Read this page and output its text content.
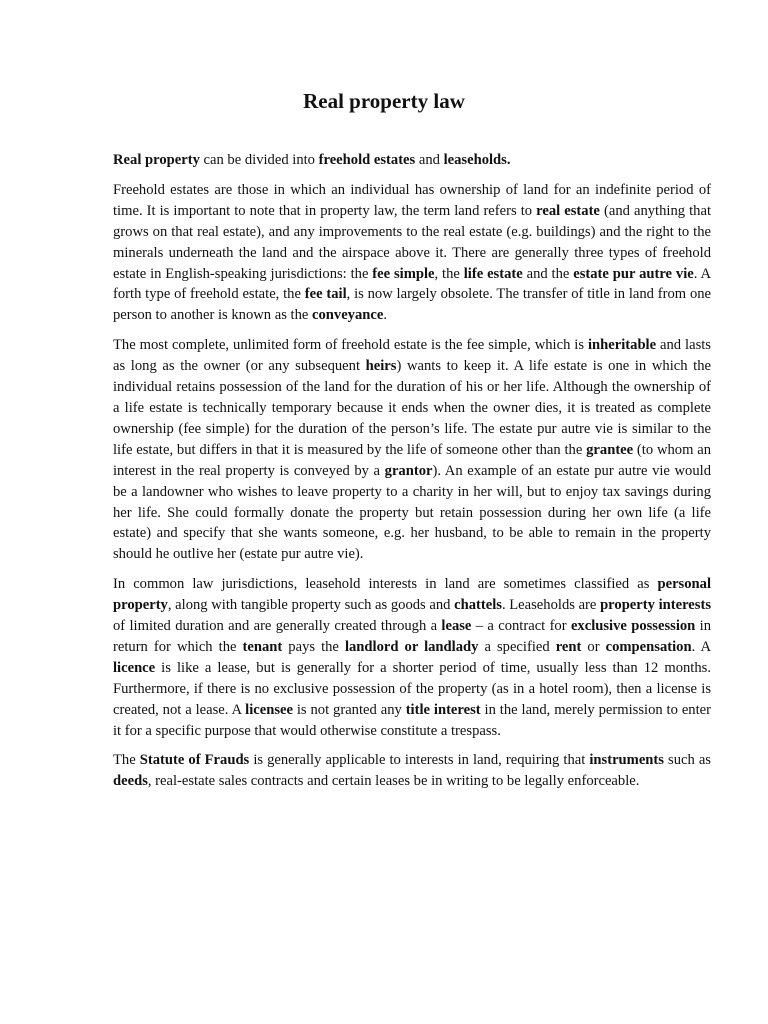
Real property law

Real property can be divided into freehold estates and leaseholds.

Freehold estates are those in which an individual has ownership of land for an indefinite period of time. It is important to note that in property law, the term land refers to real estate (and anything that grows on that real estate), and any improvements to the real estate (e.g. buildings) and the right to the minerals underneath the land and the airspace above it. There are generally three types of freehold estate in English-speaking jurisdictions: the fee simple, the life estate and the estate pur autre vie. A forth type of freehold estate, the fee tail, is now largely obsolete. The transfer of title in land from one person to another is known as the conveyance.

The most complete, unlimited form of freehold estate is the fee simple, which is inheritable and lasts as long as the owner (or any subsequent heirs) wants to keep it. A life estate is one in which the individual retains possession of the land for the duration of his or her life. Although the ownership of a life estate is technically temporary because it ends when the owner dies, it is treated as complete ownership (fee simple) for the duration of the person’s life. The estate pur autre vie is similar to the life estate, but differs in that it is measured by the life of someone other than the grantee (to whom an interest in the real property is conveyed by a grantor). An example of an estate pur autre vie would be a landowner who wishes to leave property to a charity in her will, but to enjoy tax savings during her life. She could formally donate the property but retain possession during her own life (a life estate) and specify that she wants someone, e.g. her husband, to be able to remain in the property should he outlive her (estate pur autre vie).

In common law jurisdictions, leasehold interests in land are sometimes classified as personal property, along with tangible property such as goods and chattels. Leaseholds are property interests of limited duration and are generally created through a lease – a contract for exclusive possession in return for which the tenant pays the landlord or landlady a specified rent or compensation. A licence is like a lease, but is generally for a shorter period of time, usually less than 12 months. Furthermore, if there is no exclusive possession of the property (as in a hotel room), then a license is created, not a lease. A licensee is not granted any title interest in the land, merely permission to enter it for a specific purpose that would otherwise constitute a trespass.

The Statute of Frauds is generally applicable to interests in land, requiring that instruments such as deeds, real-estate sales contracts and certain leases be in writing to be legally enforceable.
